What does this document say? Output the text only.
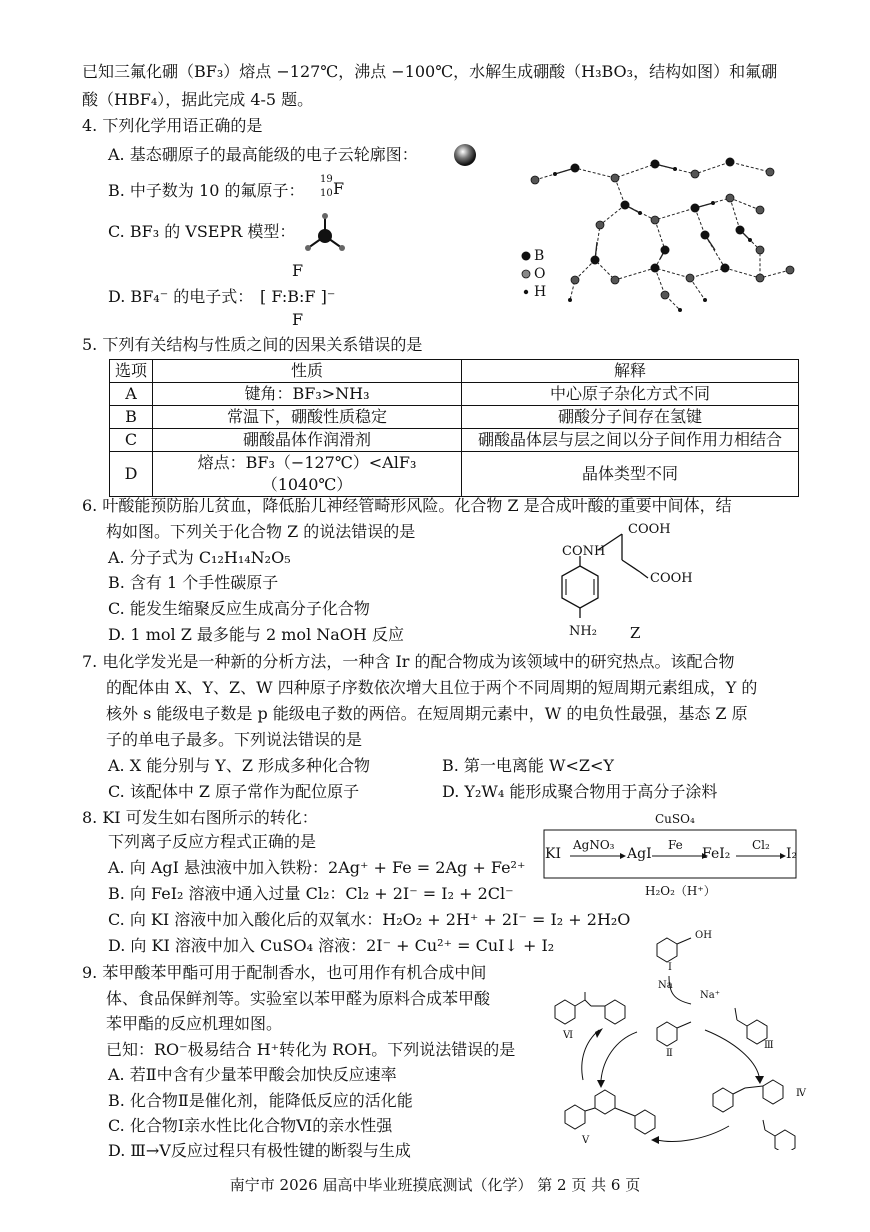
已知三氟化硼（BF₃）熔点 −127℃，沸点 −100℃，水解生成硼酸（H₃BO₃，结构如图）和氟硼
酸（HBF₄），据此完成 4-5 题。
4. 下列化学用语正确的是
A. 基态硼原子的最高能级的电子云轮廓图：
B. 中子数为 10 的氟原子：
19
10 F
C. BF₃ 的 VSEPR 模型：
D. BF₄⁻ 的电子式：
F
[ F:B:F ]⁻
F
B
O
H
5. 下列有关结构与性质之间的因果关系错误的是
选项	性质	解释
A	键角：BF₃>NH₃	中心原子杂化方式不同
B	常温下，硼酸性质稳定	硼酸分子间存在氢键
C	硼酸晶体作润滑剂	硼酸晶体层与层之间以分子间作用力相结合
D	熔点：BF₃（−127℃）<AlF₃（1040℃）	晶体类型不同
6. 叶酸能预防胎儿贫血，降低胎儿神经管畸形风险。化合物 Z 是合成叶酸的重要中间体，结
构如图。下列关于化合物 Z 的说法错误的是
A. 分子式为 C₁₂H₁₄N₂O₅
B. 含有 1 个手性碳原子
C. 能发生缩聚反应生成高分子化合物
D. 1 mol Z 最多能与 2 mol NaOH 反应
COOH
CONH
COOH
NH₂ Z
7. 电化学发光是一种新的分析方法，一种含 Ir 的配合物成为该领域中的研究热点。该配合物
的配体由 X、Y、Z、W 四种原子序数依次增大且位于两个不同周期的短周期元素组成，Y 的
核外 s 能级电子数是 p 能级电子数的两倍。在短周期元素中，W 的电负性最强，基态 Z 原
子的单电子最多。下列说法错误的是
A. X 能分别与 Y、Z 形成多种化合物	B. 第一电离能 W<Z<Y
C. 该配体中 Z 原子常作为配位原子	D. Y₂W₄ 能形成聚合物用于高分子涂料
8. KI 可发生如右图所示的转化：
下列离子反应方程式正确的是
A. 向 AgI 悬浊液中加入铁粉：2Ag⁺ + Fe = 2Ag + Fe²⁺
B. 向 FeI₂ 溶液中通入过量 Cl₂：Cl₂ + 2I⁻ = I₂ + 2Cl⁻
C. 向 KI 溶液中加入酸化后的双氧水：H₂O₂ + 2H⁺ + 2I⁻ = I₂ + 2H₂O
D. 向 KI 溶液中加入 CuSO₄ 溶液：2I⁻ + Cu²⁺ = CuI↓ + I₂
CuSO₄
KI
AgNO₃
AgI
Fe
FeI₂
Cl₂
I₂
H₂O₂（H⁺）
9. 苯甲酸苯甲酯可用于配制香水，也可用作有机合成中间
体、食品保鲜剂等。实验室以苯甲醛为原料合成苯甲酸
苯甲酯的反应机理如图。
已知：RO⁻极易结合 H⁺转化为 ROH。下列说法错误的是
A. 若Ⅱ中含有少量苯甲酸会加快反应速率
B. 化合物Ⅱ是催化剂，能降低反应的活化能
C. 化合物Ⅰ亲水性比化合物Ⅵ的亲水性强
D. Ⅲ→Ⅴ反应过程只有极性键的断裂与生成
OH
I
Na
Na⁺
Ⅵ
Ⅱ
Ⅲ
Ⅳ
Ⅴ
南宁市 2026 届高中毕业班摸底测试（化学） 第 2 页 共 6 页
